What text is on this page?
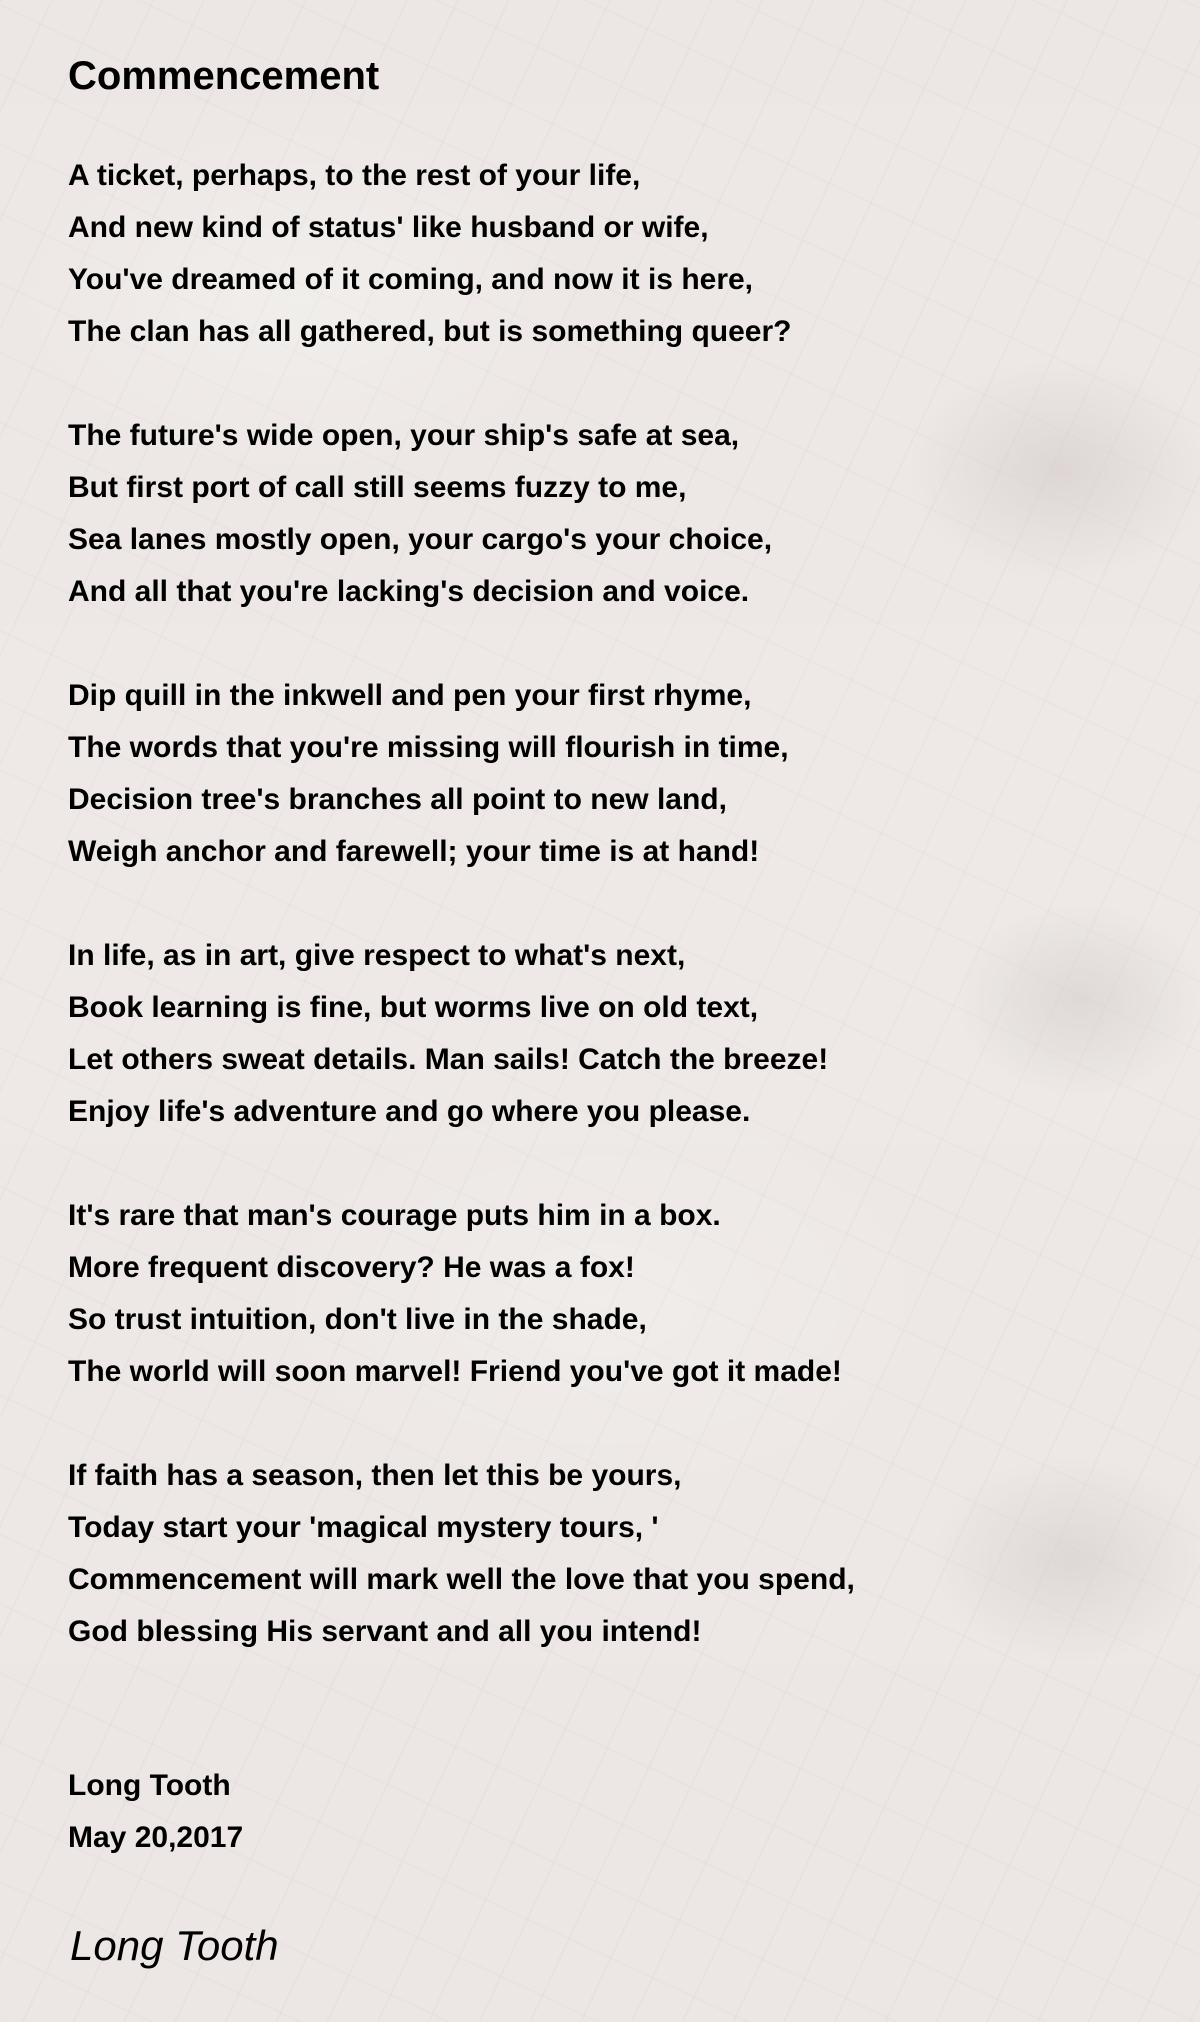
Commencement
A ticket, perhaps, to the rest of your life,
And new kind of status' like husband or wife,
You've dreamed of it coming, and now it is here,
The clan has all gathered, but is something queer?
The future's wide open, your ship's safe at sea,
But first port of call still seems fuzzy to me,
Sea lanes mostly open, your cargo's your choice,
And all that you're lacking's decision and voice.
Dip quill in the inkwell and pen your first rhyme,
The words that you're missing will flourish in time,
Decision tree's branches all point to new land,
Weigh anchor and farewell; your time is at hand!
In life, as in art, give respect to what's next,
Book learning is fine, but worms live on old text,
Let others sweat details. Man sails! Catch the breeze!
Enjoy life's adventure and go where you please.
It's rare that man's courage puts him in a box.
More frequent discovery? He was a fox!
So trust intuition, don't live in the shade,
The world will soon marvel! Friend you've got it made!
If faith has a season, then let this be yours,
Today start your 'magical mystery tours, '
Commencement will mark well the love that you spend,
God blessing His servant and all you intend!
Long Tooth
May 20,2017
Long Tooth
